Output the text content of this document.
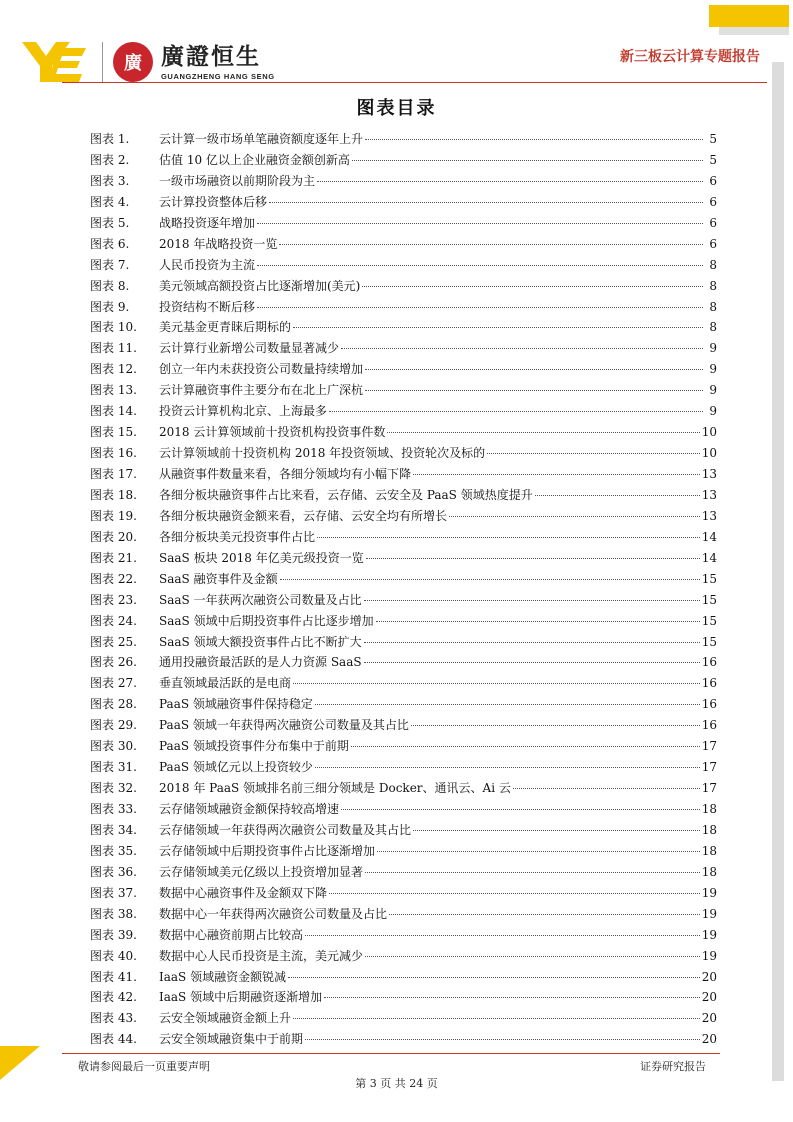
廣 廣證恒生
GUANGZHENG HANG SENG
新三板云计算专题报告
图表目录
图表 1.	云计算一级市场单笔融资额度逐年上升	5
图表 2.	估值 10 亿以上企业融资金额创新高	5
图表 3.	一级市场融资以前期阶段为主	6
图表 4.	云计算投资整体后移	6
图表 5.	战略投资逐年增加	6
图表 6.	2018 年战略投资一览	6
图表 7.	人民币投资为主流	8
图表 8.	美元领域高额投资占比逐渐增加(美元)	8
图表 9.	投资结构不断后移	8
图表 10.	美元基金更青睐后期标的	8
图表 11.	云计算行业新增公司数量显著减少	9
图表 12.	创立一年内未获投资公司数量持续增加	9
图表 13.	云计算融资事件主要分布在北上广深杭	9
图表 14.	投资云计算机构北京、上海最多	9
图表 15.	2018 云计算领域前十投资机构投资事件数	10
图表 16.	云计算领域前十投资机构 2018 年投资领域、投资轮次及标的	10
图表 17.	从融资事件数量来看，各细分领域均有小幅下降	13
图表 18.	各细分板块融资事件占比来看，云存储、云安全及 PaaS 领域热度提升	13
图表 19.	各细分板块融资金额来看，云存储、云安全均有所增长	13
图表 20.	各细分板块美元投资事件占比	14
图表 21.	SaaS 板块 2018 年亿美元级投资一览	14
图表 22.	SaaS 融资事件及金额	15
图表 23.	SaaS 一年获两次融资公司数量及占比	15
图表 24.	SaaS 领域中后期投资事件占比逐步增加	15
图表 25.	SaaS 领域大额投资事件占比不断扩大	15
图表 26.	通用投融资最活跃的是人力资源 SaaS	16
图表 27.	垂直领域最活跃的是电商	16
图表 28.	PaaS 领域融资事件保持稳定	16
图表 29.	PaaS 领域一年获得两次融资公司数量及其占比	16
图表 30.	PaaS 领域投资事件分布集中于前期	17
图表 31.	PaaS 领域亿元以上投资较少	17
图表 32.	2018 年 PaaS 领域排名前三细分领域是 Docker、通讯云、Ai 云	17
图表 33.	云存储领域融资金额保持较高增速	18
图表 34.	云存储领域一年获得两次融资公司数量及其占比	18
图表 35.	云存储领域中后期投资事件占比逐渐增加	18
图表 36.	云存储领域美元亿级以上投资增加显著	18
图表 37.	数据中心融资事件及金额双下降	19
图表 38.	数据中心一年获得两次融资公司数量及占比	19
图表 39.	数据中心融资前期占比较高	19
图表 40.	数据中心人民币投资是主流，美元减少	19
图表 41.	IaaS 领域融资金额锐减	20
图表 42.	IaaS 领域中后期融资逐渐增加	20
图表 43.	云安全领域融资金额上升	20
图表 44.	云安全领域融资集中于前期	20
敬请参阅最后一页重要声明	证券研究报告
第 3 页 共 24 页
